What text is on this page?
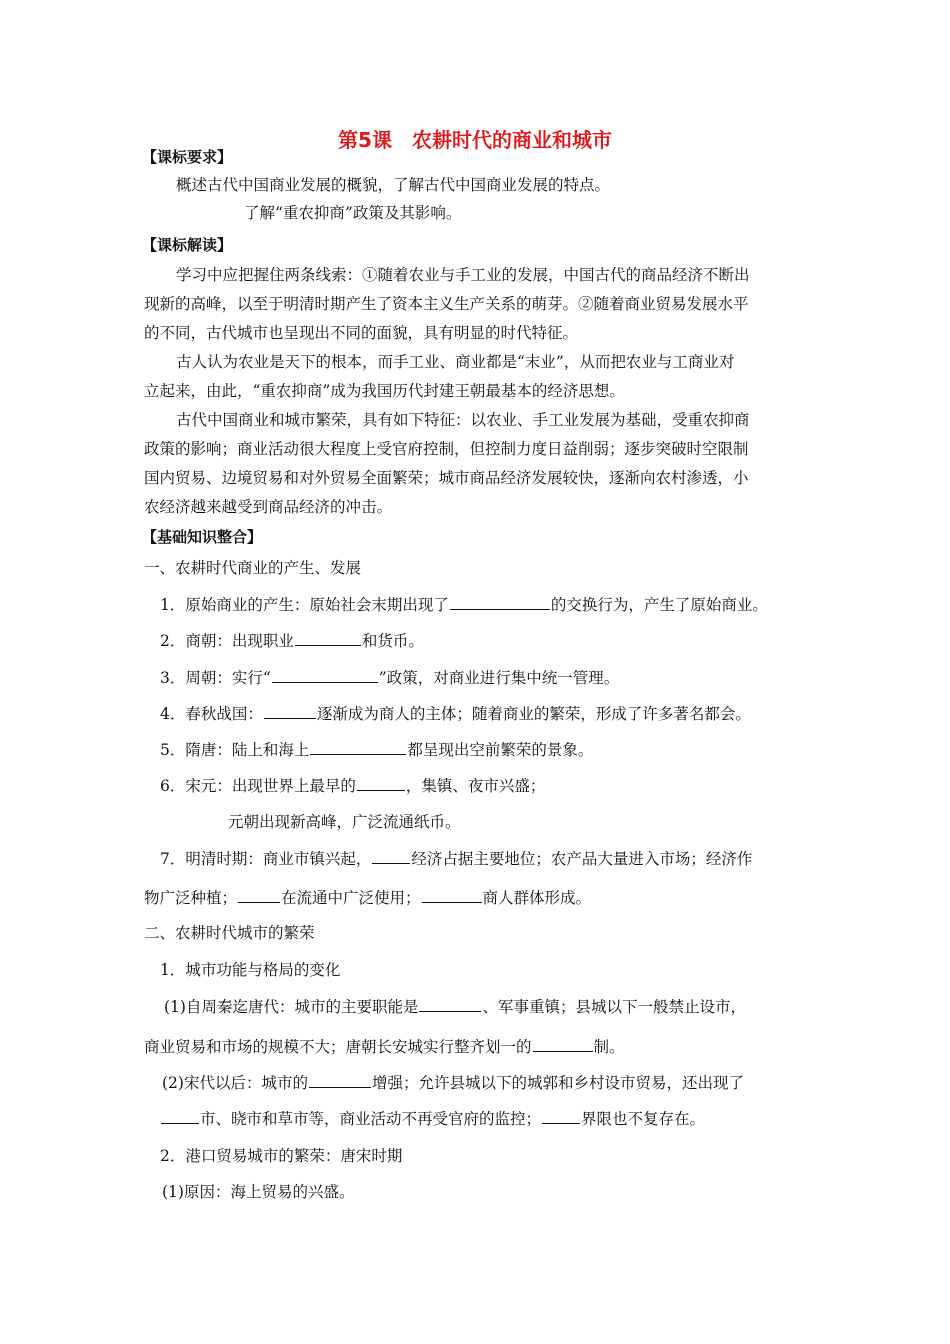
第5课　农耕时代的商业和城市
【课标要求】
概述古代中国商业发展的概貌，了解古代中国商业发展的特点。
了解“重农抑商”政策及其影响。
【课标解读】
学习中应把握住两条线索：①随着农业与手工业的发展，中国古代的商品经济不断出
现新的高峰，以至于明清时期产生了资本主义生产关系的萌芽。②随着商业贸易发展水平
的不同，古代城市也呈现出不同的面貌，具有明显的时代特征。
古人认为农业是天下的根本，而手工业、商业都是“末业”，从而把农业与工商业对
立起来，由此，“重农抑商”成为我国历代封建王朝最基本的经济思想。
古代中国商业和城市繁荣，具有如下特征：以农业、手工业发展为基础，受重农抑商
政策的影响；商业活动很大程度上受官府控制，但控制力度日益削弱；逐步突破时空限制
国内贸易、边境贸易和对外贸易全面繁荣；城市商品经济发展较快，逐渐向农村渗透，小
农经济越来越受到商品经济的冲击。
【基础知识整合】
一、农耕时代商业的产生、发展
1．原始商业的产生：原始社会末期出现了	的交换行为，产生了原始商业。
2．商朝：出现职业	和货币。
3．周朝：实行“	”政策，对商业进行集中统一管理。
4．春秋战国：	逐渐成为商人的主体；随着商业的繁荣，形成了许多著名都会。
5．隋唐：陆上和海上	都呈现出空前繁荣的景象。
6．宋元：出现世界上最早的	，集镇、夜市兴盛；
元朝出现新高峰，广泛流通纸币。
7．明清时期：商业市镇兴起，	经济占据主要地位；农产品大量进入市场；经济作
物广泛种植；	在流通中广泛使用；	商人群体形成。
二、农耕时代城市的繁荣
1．城市功能与格局的变化
(1)自周秦迄唐代：城市的主要职能是	、军事重镇；县城以下一般禁止设市，
商业贸易和市场的规模不大；唐朝长安城实行整齐划一的	制。
(2)宋代以后：城市的	增强；允许县城以下的城郭和乡村设市贸易，还出现了
市、晓市和草市等，商业活动不再受官府的监控；	界限也不复存在。
2．港口贸易城市的繁荣：唐宋时期
(1)原因：海上贸易的兴盛。
